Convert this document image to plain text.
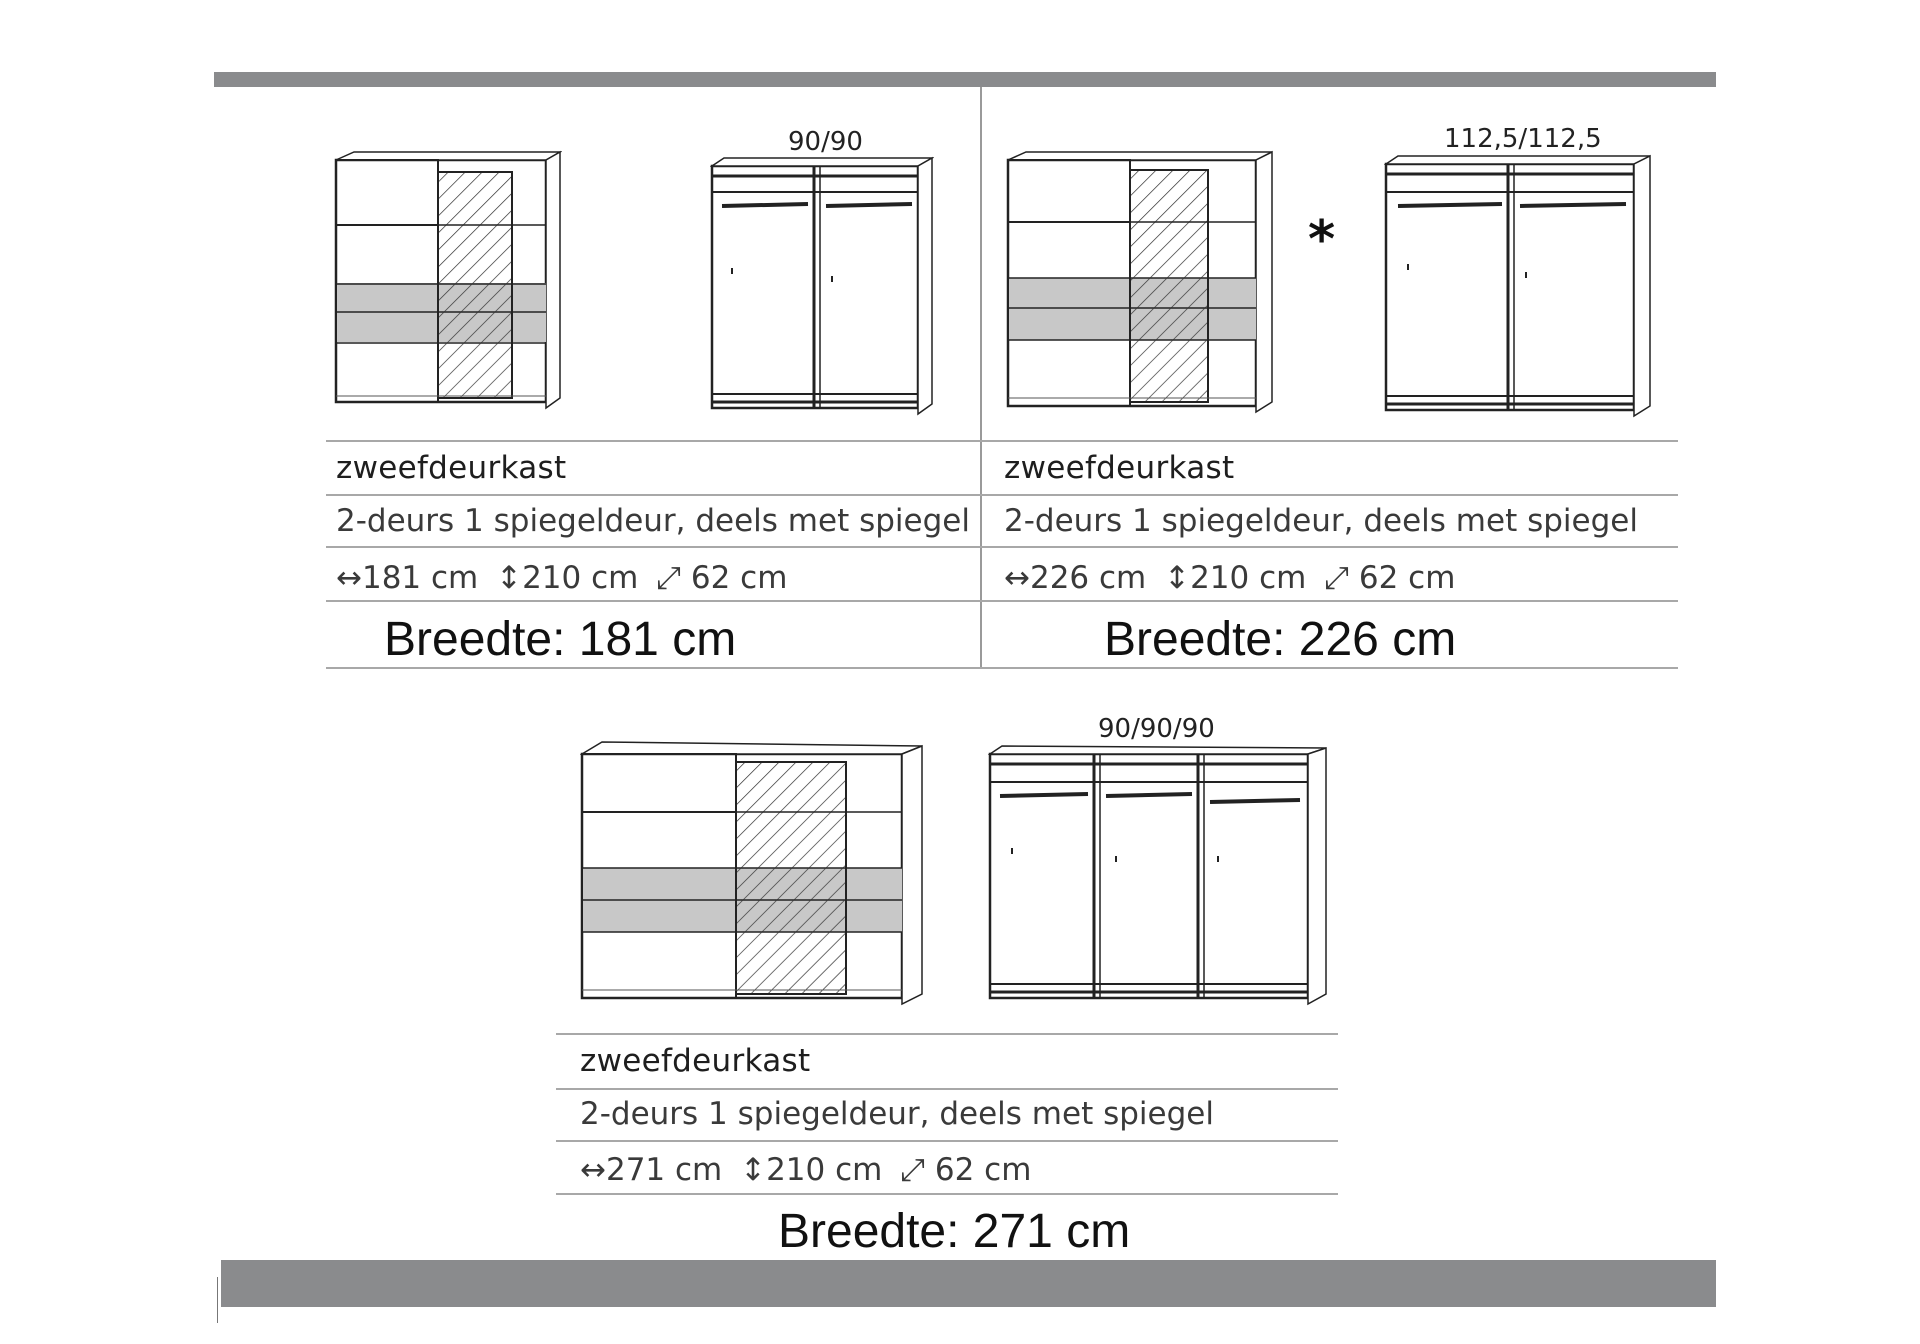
90/90
zweefdeurkast
2-deurs 1 spiegeldeur, deels met spiegel
↔181 cm ↕210 cm ⤢ 62 cm
Breedte: 181 cm
*
112,5/112,5
zweefdeurkast
2-deurs 1 spiegeldeur, deels met spiegel
↔226 cm ↕210 cm ⤢ 62 cm
Breedte: 226 cm
90/90/90
zweefdeurkast
2-deurs 1 spiegeldeur, deels met spiegel
↔271 cm ↕210 cm ⤢ 62 cm
Breedte: 271 cm
